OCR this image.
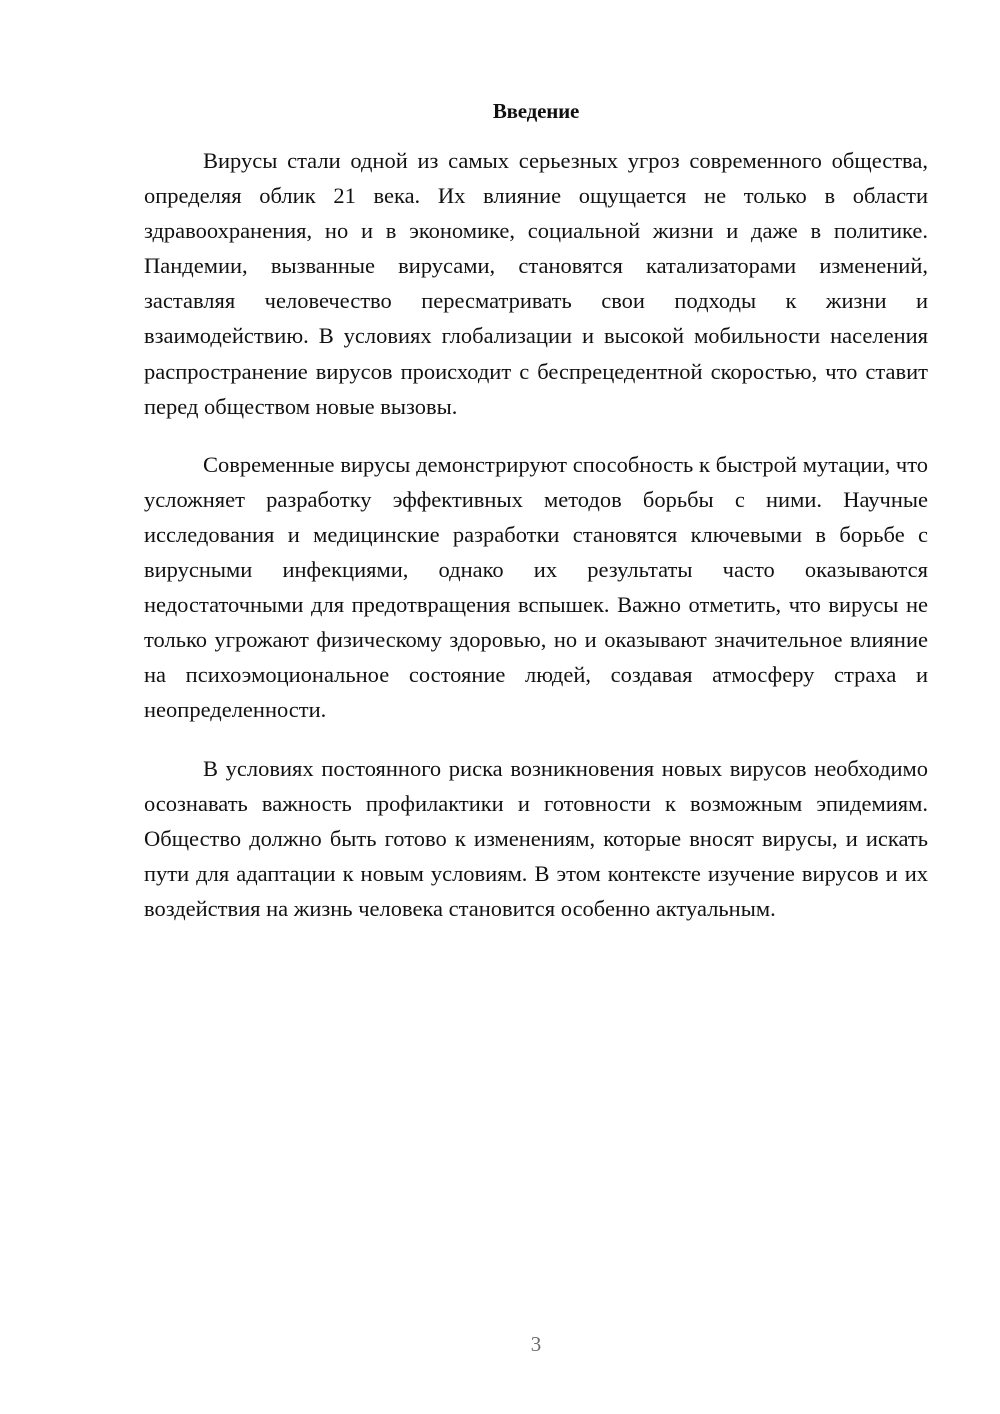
Введение

Вирусы стали одной из самых серьезных угроз современного общества, определяя облик 21 века. Их влияние ощущается не только в области здравоохранения, но и в экономике, социальной жизни и даже в политике. Пандемии, вызванные вирусами, становятся катализаторами изменений, заставляя человечество пересматривать свои подходы к жизни и взаимодействию. В условиях глобализации и высокой мобильности населения распространение вирусов происходит с беспрецедентной скоростью, что ставит перед обществом новые вызовы.

Современные вирусы демонстрируют способность к быстрой мутации, что усложняет разработку эффективных методов борьбы с ними. Научные исследования и медицинские разработки становятся ключевыми в борьбе с вирусными инфекциями, однако их результаты часто оказываются недостаточными для предотвращения вспышек. Важно отметить, что вирусы не только угрожают физическому здоровью, но и оказывают значительное влияние на психоэмоциональное состояние людей, создавая атмосферу страха и неопределенности.

В условиях постоянного риска возникновения новых вирусов необходимо осознавать важность профилактики и готовности к возможным эпидемиям. Общество должно быть готово к изменениям, которые вносят вирусы, и искать пути для адаптации к новым условиям. В этом контексте изучение вирусов и их воздействия на жизнь человека становится особенно актуальным.

3
